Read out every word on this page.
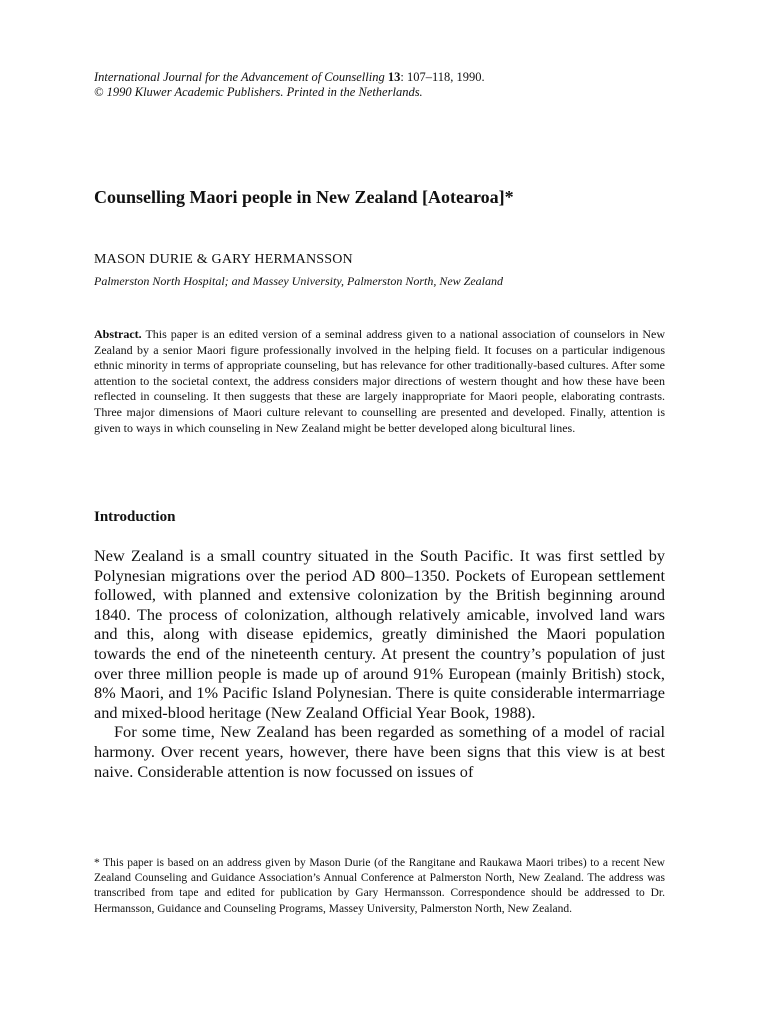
International Journal for the Advancement of Counselling 13: 107–118, 1990.
© 1990 Kluwer Academic Publishers. Printed in the Netherlands.
Counselling Maori people in New Zealand [Aotearoa]*
MASON DURIE & GARY HERMANSSON
Palmerston North Hospital; and Massey University, Palmerston North, New Zealand

Abstract. This paper is an edited version of a seminal address given to a national association of counselors in New Zealand by a senior Maori figure professionally involved in the helping field. It focuses on a particular indigenous ethnic minority in terms of appropriate counseling, but has relevance for other traditionally-based cultures. After some attention to the societal context, the address considers major directions of western thought and how these have been reflected in counseling. It then suggests that these are largely inappropriate for Maori people, elaborating contrasts. Three major dimensions of Maori culture relevant to counselling are presented and developed. Finally, attention is given to ways in which counseling in New Zealand might be better developed along bicultural lines.

Introduction

New Zealand is a small country situated in the South Pacific. It was first settled by Polynesian migrations over the period AD 800–1350. Pockets of European settlement followed, with planned and extensive colonization by the British beginning around 1840. The process of colonization, although relatively amicable, involved land wars and this, along with disease epidemics, greatly diminished the Maori population towards the end of the nineteenth century. At present the country’s population of just over three million people is made up of around 91% European (mainly British) stock, 8% Maori, and 1% Pacific Island Polynesian. There is quite considerable intermarriage and mixed-blood heritage (New Zealand Official Year Book, 1988).

For some time, New Zealand has been regarded as something of a model of racial harmony. Over recent years, however, there have been signs that this view is at best naive. Considerable attention is now focussed on issues of

* This paper is based on an address given by Mason Durie (of the Rangitane and Raukawa Maori tribes) to a recent New Zealand Counseling and Guidance Association’s Annual Conference at Palmerston North, New Zealand. The address was transcribed from tape and edited for publication by Gary Hermansson. Correspondence should be addressed to Dr. Hermansson, Guidance and Counseling Programs, Massey University, Palmerston North, New Zealand.
